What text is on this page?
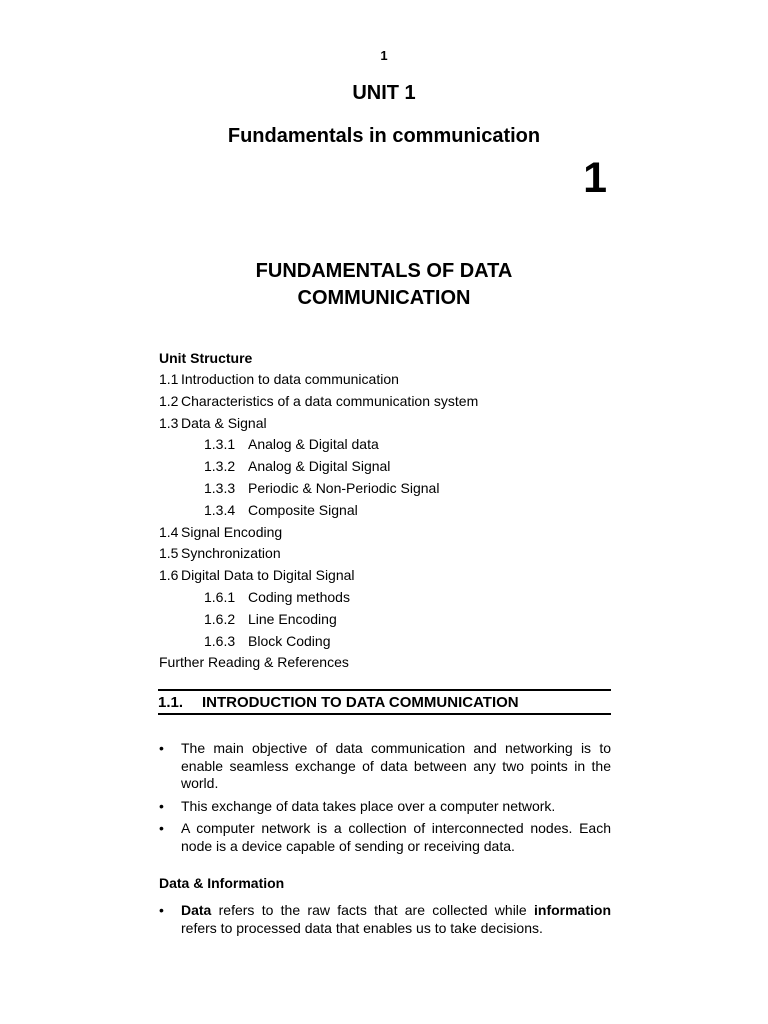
1
UNIT 1
Fundamentals in communication
1
FUNDAMENTALS OF DATA
COMMUNICATION
Unit Structure
1.1 Introduction to data communication
1.2 Characteristics of a data communication system
1.3 Data & Signal
1.3.1 Analog & Digital data
1.3.2 Analog & Digital Signal
1.3.3 Periodic & Non-Periodic Signal
1.3.4 Composite Signal
1.4 Signal Encoding
1.5 Synchronization
1.6 Digital Data to Digital Signal
1.6.1 Coding methods
1.6.2 Line Encoding
1.6.3 Block Coding
Further Reading & References
1.1. INTRODUCTION TO DATA COMMUNICATION
• The main objective of data communication and networking is to enable seamless exchange of data between any two points in the world.
• This exchange of data takes place over a computer network.
• A computer network is a collection of interconnected nodes. Each node is a device capable of sending or receiving data.
Data & Information
• Data refers to the raw facts that are collected while information refers to processed data that enables us to take decisions.
